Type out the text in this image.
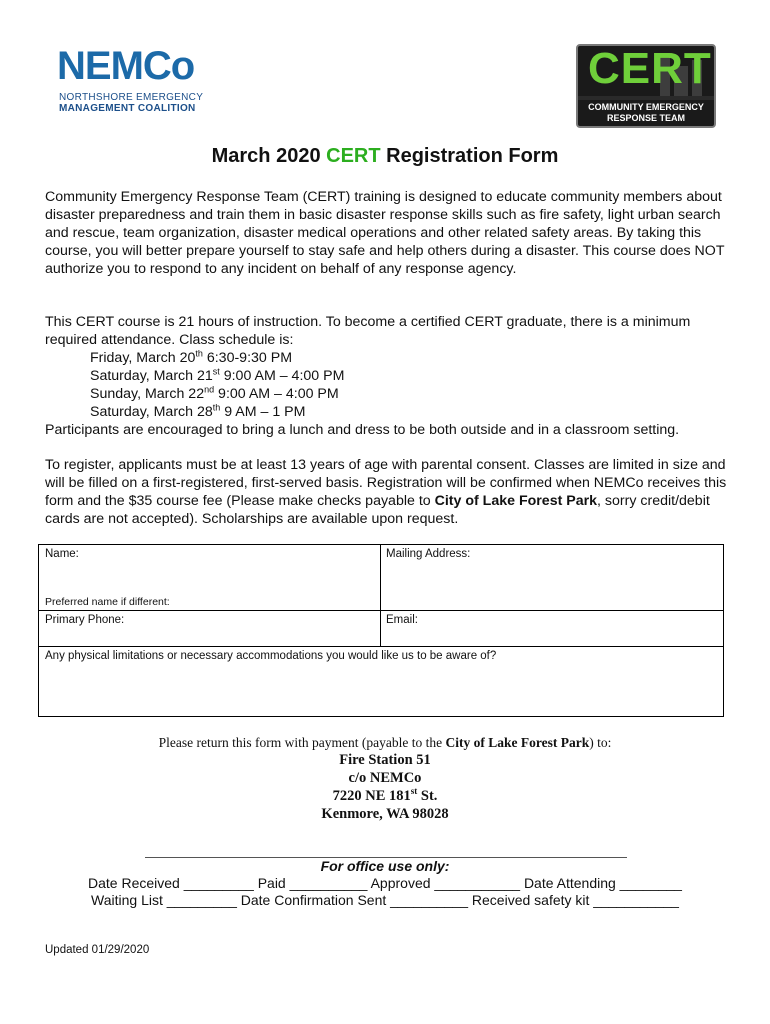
NEMCo
NORTHSHORE EMERGENCY
MANAGEMENT COALITION
CERT
COMMUNITY EMERGENCY
RESPONSE TEAM
March 2020 CERT Registration Form
Community Emergency Response Team (CERT) training is designed to educate community members about disaster preparedness and train them in basic disaster response skills such as fire safety, light urban search and rescue, team organization, disaster medical operations and other related safety areas. By taking this course, you will better prepare yourself to stay safe and help others during a disaster. This course does NOT authorize you to respond to any incident on behalf of any response agency.
This CERT course is 21 hours of instruction. To become a certified CERT graduate, there is a minimum required attendance. Class schedule is:
Friday, March 20th 6:30-9:30 PM
Saturday, March 21st 9:00 AM – 4:00 PM
Sunday, March 22nd 9:00 AM – 4:00 PM
Saturday, March 28th 9 AM – 1 PM
Participants are encouraged to bring a lunch and dress to be both outside and in a classroom setting.
To register, applicants must be at least 13 years of age with parental consent. Classes are limited in size and will be filled on a first-registered, first-served basis. Registration will be confirmed when NEMCo receives this form and the $35 course fee (Please make checks payable to City of Lake Forest Park, sorry credit/debit cards are not accepted). Scholarships are available upon request.
Name:	Mailing Address:
Preferred name if different:
Primary Phone:	Email:
Any physical limitations or necessary accommodations you would like us to be aware of?
Please return this form with payment (payable to the City of Lake Forest Park) to:
Fire Station 51
c/o NEMCo
7220 NE 181st St.
Kenmore, WA 98028
For office use only:
Date Received _________ Paid __________ Approved ___________ Date Attending ________
Waiting List _________ Date Confirmation Sent __________ Received safety kit ___________
Updated 01/29/2020
